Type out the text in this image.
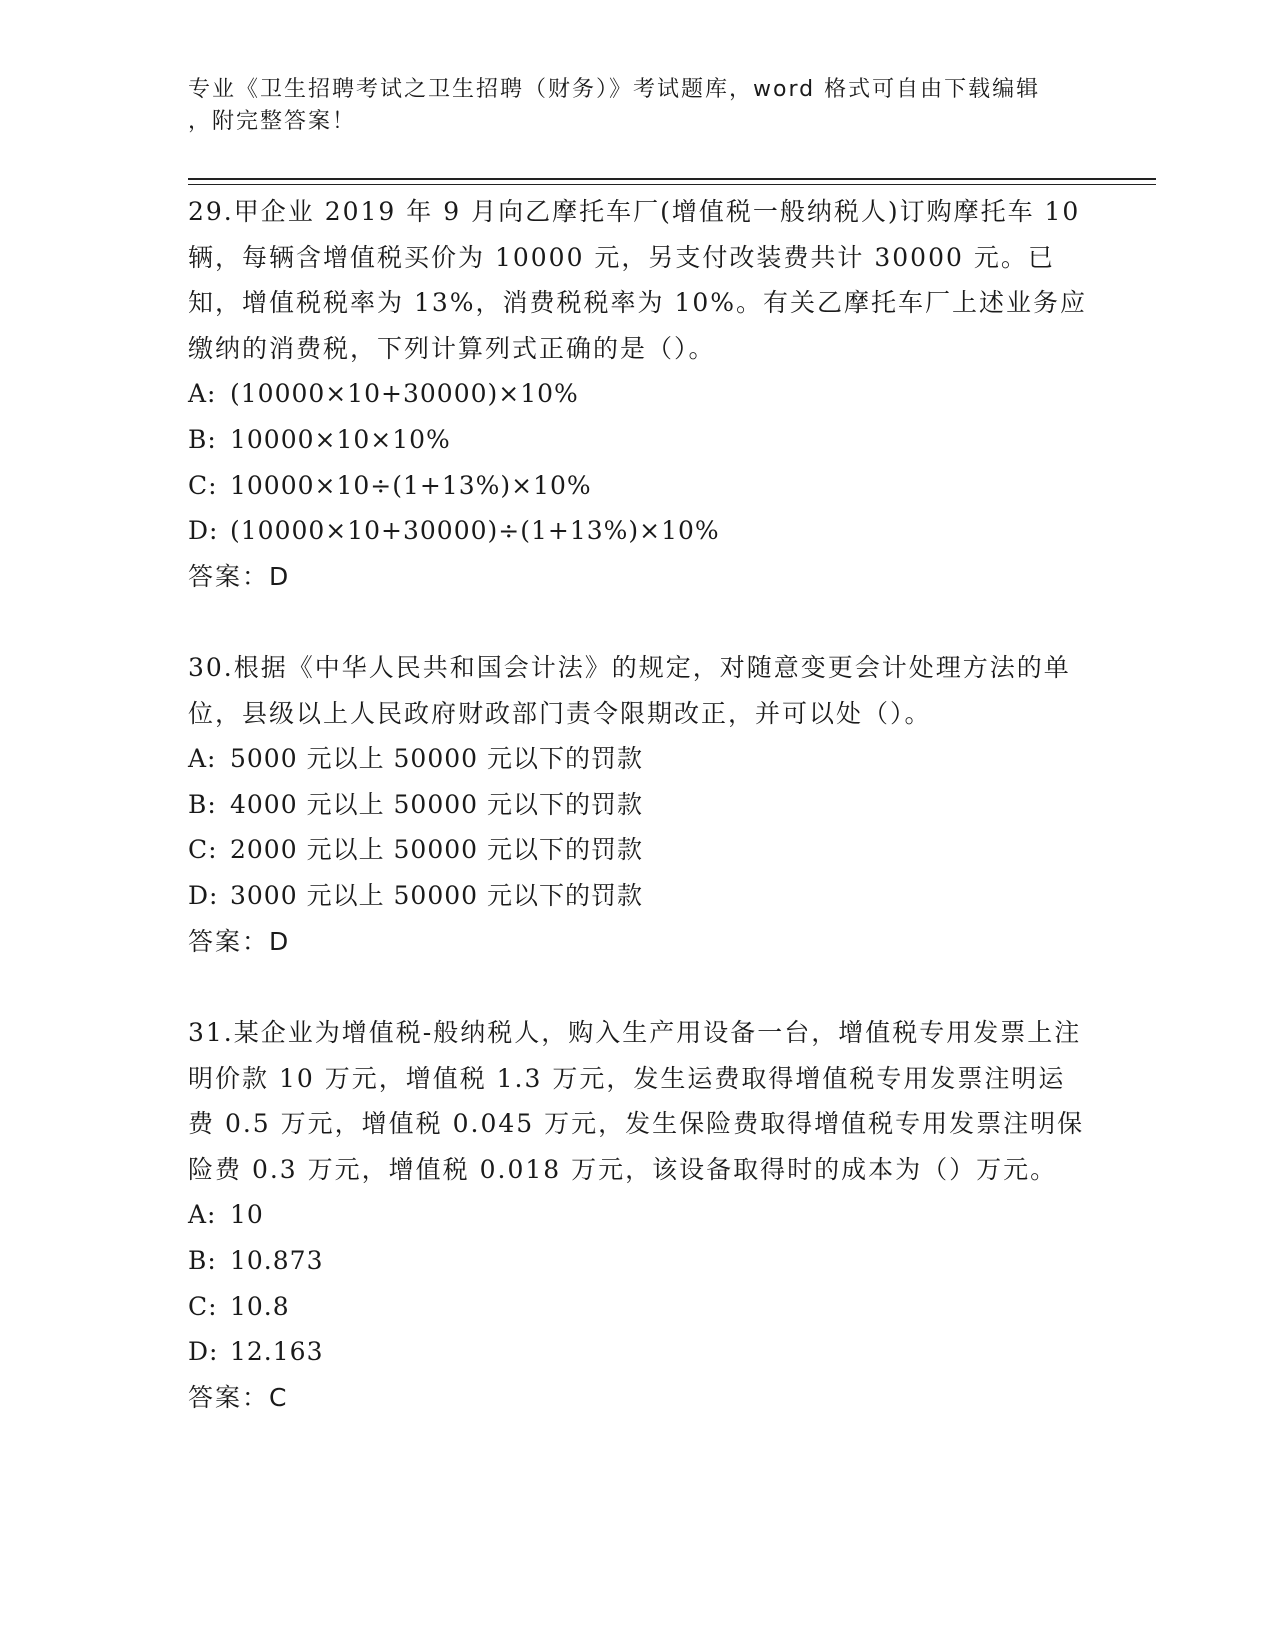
专业《卫生招聘考试之卫生招聘（财务）》考试题库，word 格式可自由下载编辑
，附完整答案！

29.甲企业 2019 年 9 月向乙摩托车厂(增值税一般纳税人)订购摩托车 10 辆，每辆含增值税买价为 10000 元，另支付改装费共计 30000 元。已知，增值税税率为 13%，消费税税率为 10%。有关乙摩托车厂上述业务应缴纳的消费税，下列计算列式正确的是（）。

A: (10000×10+30000)×10%
B: 10000×10×10%
C: 10000×10÷(1+13%)×10%
D: (10000×10+30000)÷(1+13%)×10%
答案：D

30.根据《中华人民共和国会计法》的规定，对随意变更会计处理方法的单位，县级以上人民政府财政部门责令限期改正，并可以处（）。

A: 5000 元以上 50000 元以下的罚款
B: 4000 元以上 50000 元以下的罚款
C: 2000 元以上 50000 元以下的罚款
D: 3000 元以上 50000 元以下的罚款
答案：D

31.某企业为增值税-般纳税人，购入生产用设备一台，增值税专用发票上注明价款 10 万元，增值税 1.3 万元，发生运费取得增值税专用发票注明运费 0.5 万元，增值税 0.045 万元，发生保险费取得增值税专用发票注明保险费 0.3 万元，增值税 0.018 万元，该设备取得时的成本为（）万元。

A: 10
B: 10.873
C: 10.8
D: 12.163
答案：C
